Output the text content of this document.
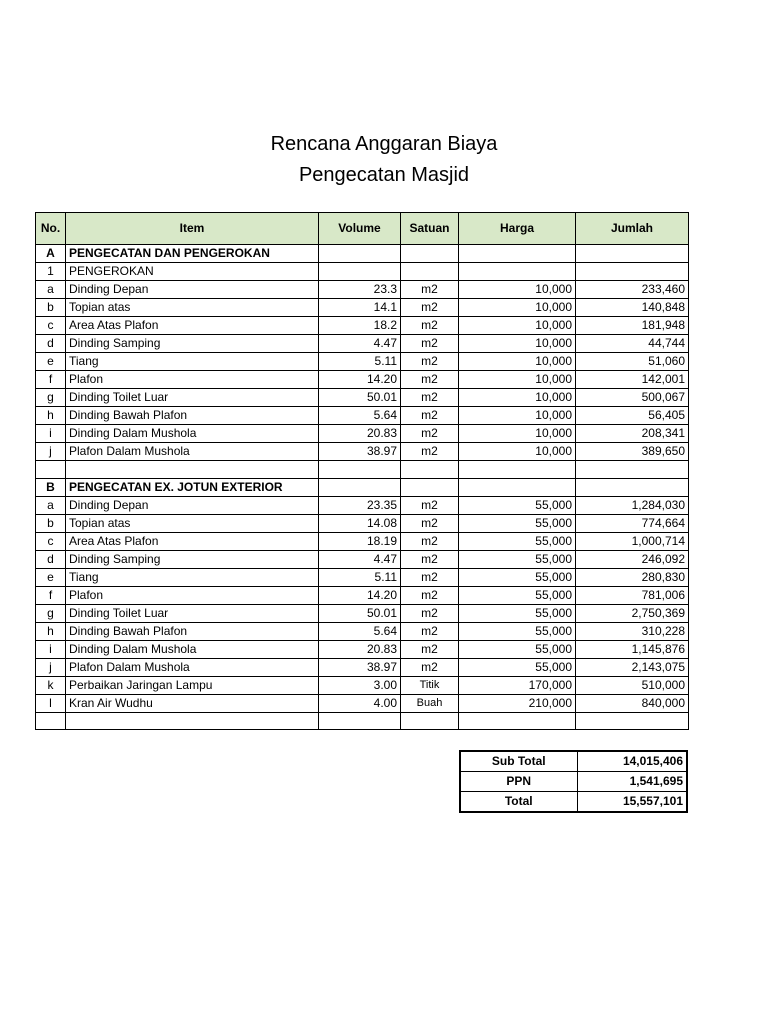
Rencana Anggaran Biaya
Pengecatan Masjid
No.	Item	Volume	Satuan	Harga	Jumlah
A	PENGECATAN DAN PENGEROKAN				
1	PENGEROKAN				
a	Dinding Depan	23.3	m2	10,000	233,460
b	Topian atas	14.1	m2	10,000	140,848
c	Area Atas Plafon	18.2	m2	10,000	181,948
d	Dinding Samping	4.47	m2	10,000	44,744
e	Tiang	5.11	m2	10,000	51,060
f	Plafon	14.20	m2	10,000	142,001
g	Dinding Toilet Luar	50.01	m2	10,000	500,067
h	Dinding Bawah Plafon	5.64	m2	10,000	56,405
i	Dinding Dalam Mushola	20.83	m2	10,000	208,341
j	Plafon Dalam Mushola	38.97	m2	10,000	389,650

B	PENGECATAN EX. JOTUN EXTERIOR				
a	Dinding Depan	23.35	m2	55,000	1,284,030
b	Topian atas	14.08	m2	55,000	774,664
c	Area Atas Plafon	18.19	m2	55,000	1,000,714
d	Dinding Samping	4.47	m2	55,000	246,092
e	Tiang	5.11	m2	55,000	280,830
f	Plafon	14.20	m2	55,000	781,006
g	Dinding Toilet Luar	50.01	m2	55,000	2,750,369
h	Dinding Bawah Plafon	5.64	m2	55,000	310,228
i	Dinding Dalam Mushola	20.83	m2	55,000	1,145,876
j	Plafon Dalam Mushola	38.97	m2	55,000	2,143,075
k	Perbaikan Jaringan Lampu	3.00	Titik	170,000	510,000
l	Kran Air Wudhu	4.00	Buah	210,000	840,000

Sub Total	14,015,406
PPN	1,541,695
Total	15,557,101
